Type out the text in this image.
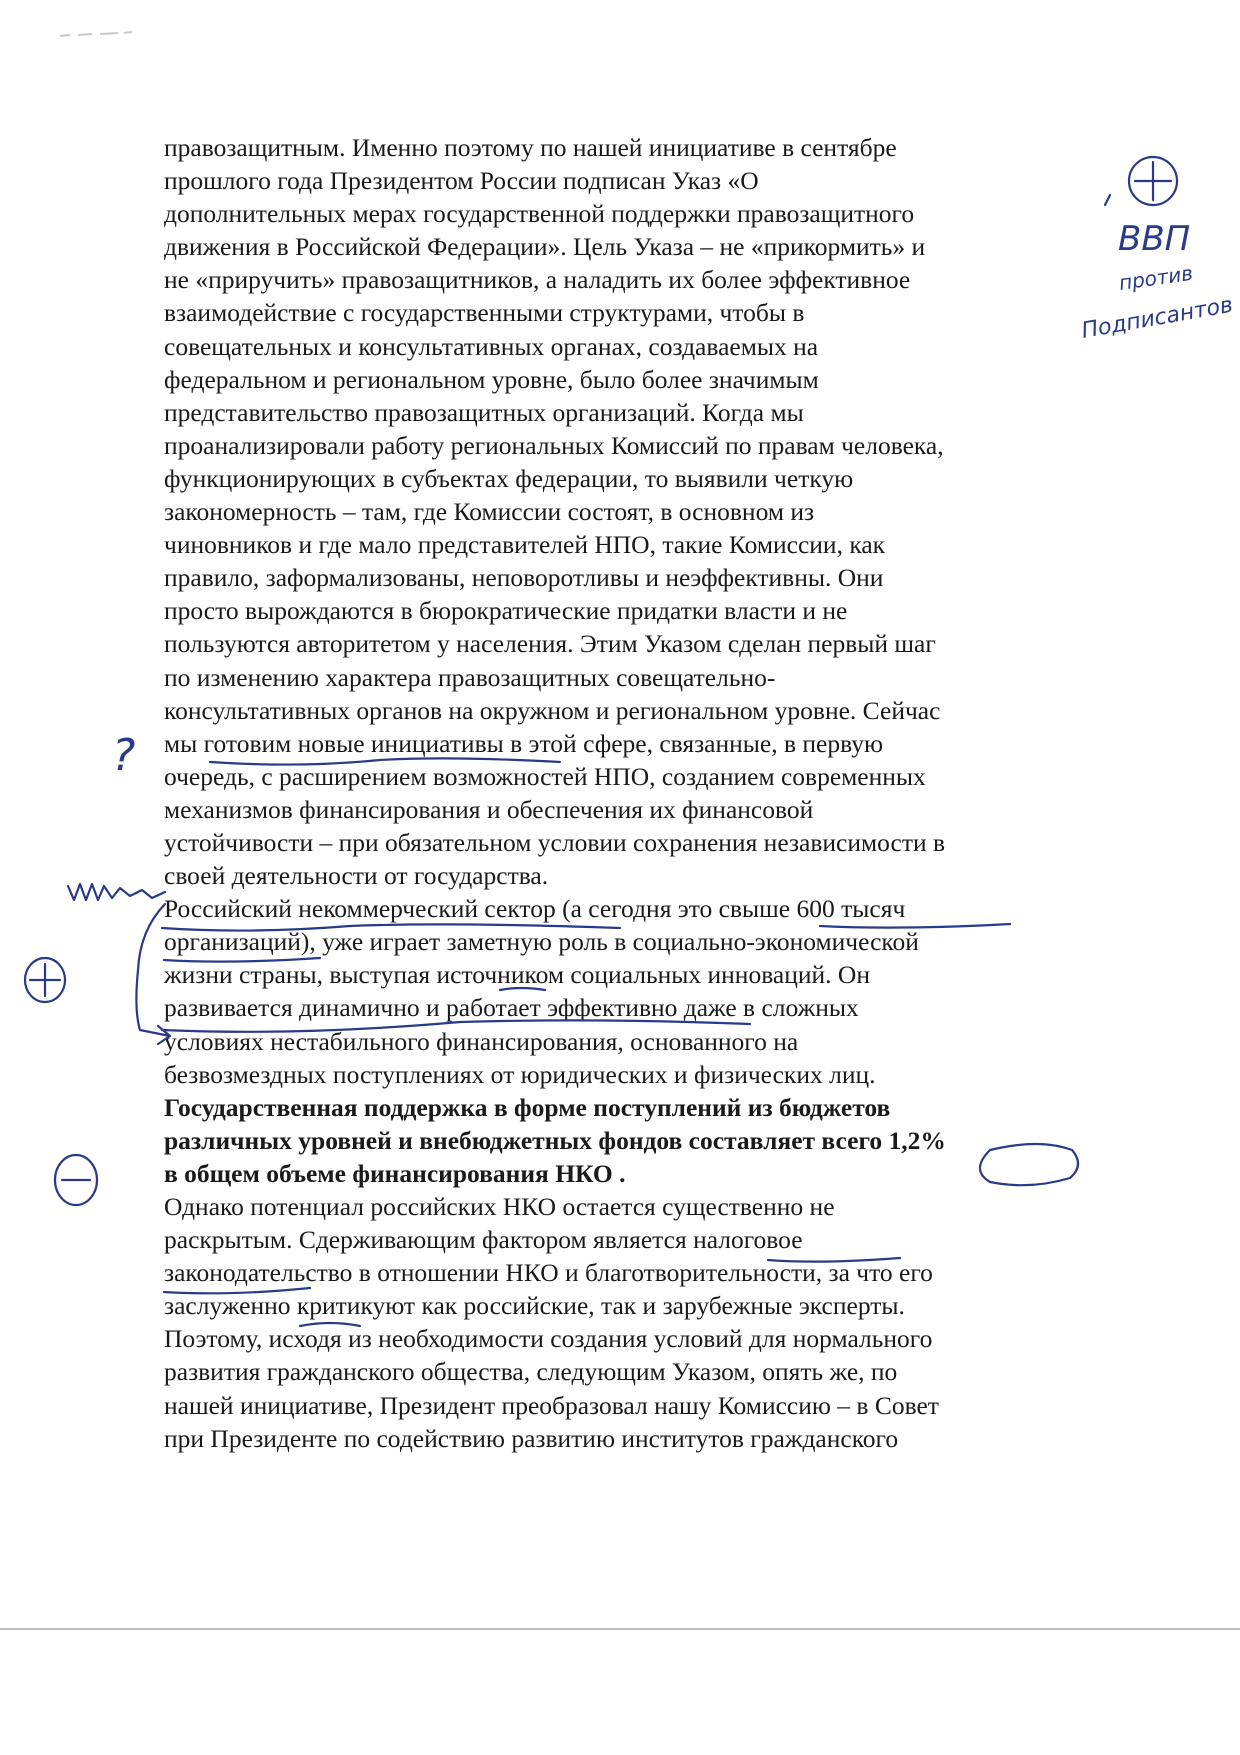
правозащитным. Именно поэтому по нашей инициативе в сентябре
прошлого года Президентом России подписан Указ «О
дополнительных мерах государственной поддержки правозащитного
движения в Российской Федерации». Цель Указа – не «прикормить» и
не «приручить» правозащитников, а наладить их более эффективное
взаимодействие с государственными структурами, чтобы в
совещательных и консультативных органах, создаваемых на
федеральном и региональном уровне, было более значимым
представительство правозащитных организаций. Когда мы
проанализировали работу региональных Комиссий по правам человека,
функционирующих в субъектах федерации, то выявили четкую
закономерность – там, где Комиссии состоят, в основном из
чиновников и где мало представителей НПО, такие Комиссии, как
правило, заформализованы, неповоротливы и неэффективны. Они
просто вырождаются в бюрократические придатки власти и не
пользуются авторитетом у населения. Этим Указом сделан первый шаг
по изменению характера правозащитных совещательно-
консультативных органов на окружном и региональном уровне. Сейчас
мы готовим новые инициативы в этой сфере, связанные, в первую
очередь, с расширением возможностей НПО, созданием современных
механизмов финансирования и обеспечения их финансовой
устойчивости – при обязательном условии сохранения независимости в
своей деятельности от государства.
Российский некоммерческий сектор (а сегодня это свыше 600 тысяч
организаций), уже играет заметную роль в социально-экономической
жизни страны, выступая источником социальных инноваций. Он
развивается динамично и работает эффективно даже в сложных
условиях нестабильного финансирования, основанного на
безвозмездных поступлениях от юридических и физических лиц.
Государственная поддержка в форме поступлений из бюджетов
различных уровней и внебюджетных фондов составляет всего 1,2%
в общем объеме финансирования НКО .
Однако потенциал российских НКО остается существенно не
раскрытым. Сдерживающим фактором является налоговое
законодательство в отношении НКО и благотворительности, за что его
заслуженно критикуют как российские, так и зарубежные эксперты.
Поэтому, исходя из необходимости создания условий для нормального
развития гражданского общества, следующим Указом, опять же, по
нашей инициативе, Президент преобразовал нашу Комиссию – в Совет
при Президенте по содействию развитию институтов гражданского
ВВП
против
Подписантов
?
